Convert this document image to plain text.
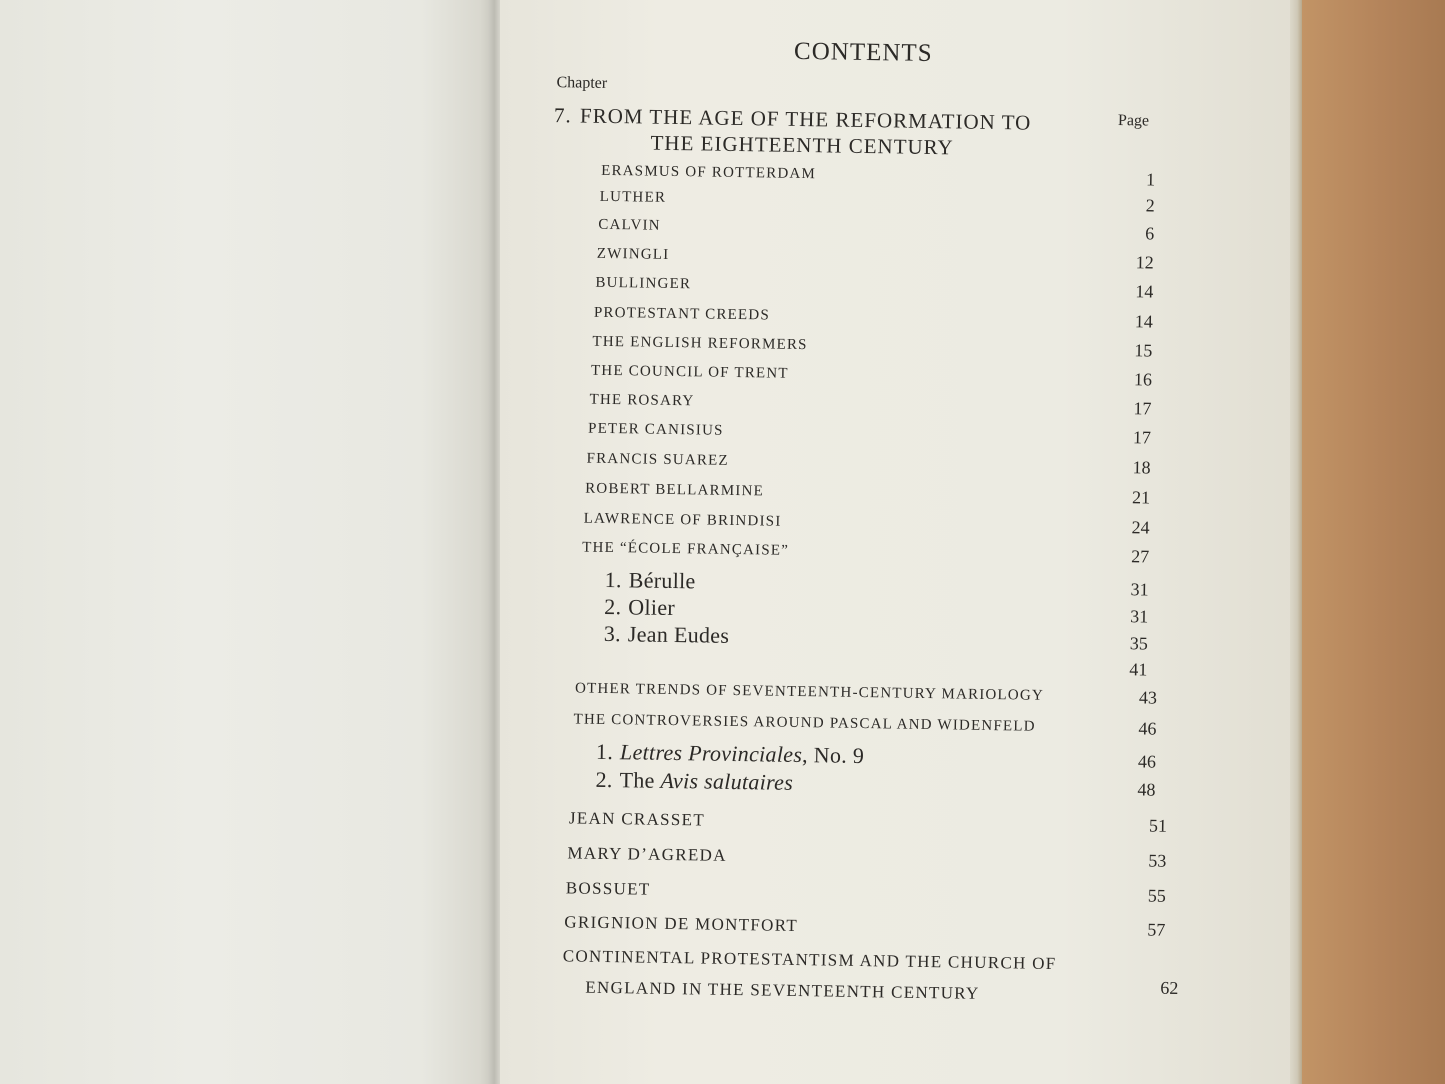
CONTENTS
Chapter
Page
7. FROM THE AGE OF THE REFORMATION TO
THE EIGHTEENTH CENTURY
ERASMUS OF ROTTERDAM	1
LUTHER	2
CALVIN	6
ZWINGLI	12
BULLINGER	14
PROTESTANT CREEDS	14
THE ENGLISH REFORMERS	15
THE COUNCIL OF TRENT	16
THE ROSARY	17
PETER CANISIUS	17
FRANCIS SUAREZ	18
ROBERT BELLARMINE	21
LAWRENCE OF BRINDISI	24
THE “ÉCOLE FRANÇAISE”	27
1. Bérulle	31
2. Olier	31
3. Jean Eudes	35
41
OTHER TRENDS OF SEVENTEENTH-CENTURY MARIOLOGY	43
THE CONTROVERSIES AROUND PASCAL AND WIDENFELD	46
1. Lettres Provinciales, No. 9	46
2. The Avis salutaires	48
JEAN CRASSET	51
MARY D’AGREDA	53
BOSSUET	55
GRIGNION DE MONTFORT	57
CONTINENTAL PROTESTANTISM AND THE CHURCH OF
ENGLAND IN THE SEVENTEENTH CENTURY	62
